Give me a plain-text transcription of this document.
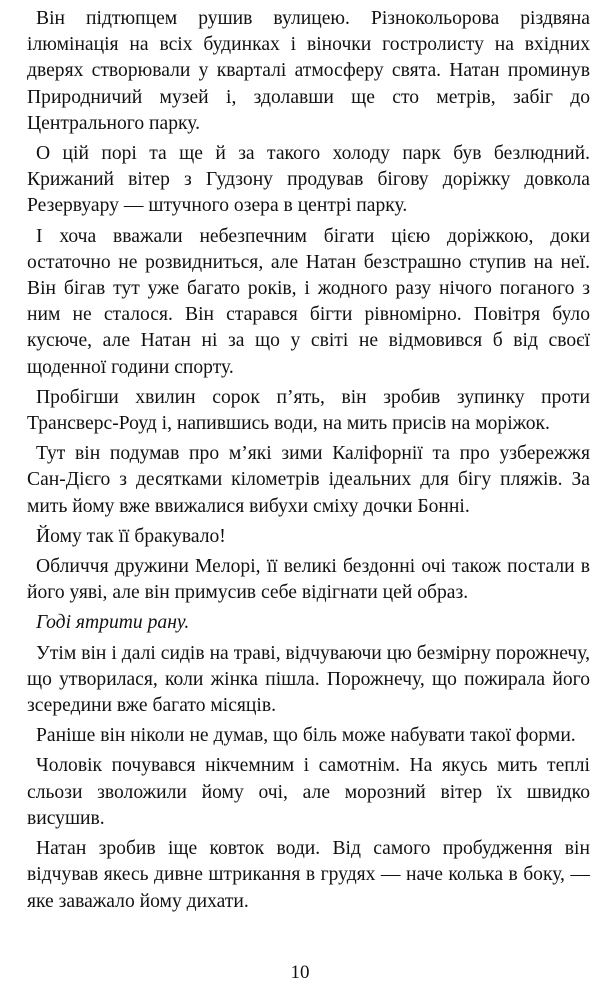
Він підтюпцем рушив вулицею. Різнокольорова різдвяна ілюмінація на всіх будинках і віночки гостролисту на вхідних дверях створювали у кварталі атмосферу свята. Натан проминув Природничий музей і, здолавши ще сто метрів, забіг до Центрального парку.

О цій порі та ще й за такого холоду парк був безлюдний. Крижаний вітер з Гудзону продував бігову доріжку довкола Резервуару — штучного озера в центрі парку.

І хоча вважали небезпечним бігати цією доріжкою, доки остаточно не розвидниться, але Натан безстрашно ступив на неї. Він бігав тут уже багато років, і жодного разу нічого поганого з ним не сталося. Він старався бігти рівномірно. Повітря було кусюче, але Натан ні за що у світі не відмовився б від своєї щоденної години спорту.

Пробігши хвилин сорок п’ять, він зробив зупинку проти Трансверс-Роуд і, напившись води, на мить присів на моріжок.

Тут він подумав про м’які зими Каліфорнії та про узбережжя Сан-Дієго з десятками кілометрів ідеальних для бігу пляжів. За мить йому вже ввижалися вибухи сміху дочки Бонні.

Йому так її бракувало!

Обличчя дружини Мелорі, її великі бездонні очі також постали в його уяві, але він примусив себе відігнати цей образ.

Годі ятрити рану.

Утім він і далі сидів на траві, відчуваючи цю безмірну порожнечу, що утворилася, коли жінка пішла. Порожнечу, що пожирала його зсередини вже багато місяців.

Раніше він ніколи не думав, що біль може набувати такої форми.

Чоловік почувався нікчемним і самотнім. На якусь мить теплі сльози зволожили йому очі, але морозний вітер їх швидко висушив.

Натан зробив іще ковток води. Від самого пробудження він відчував якесь дивне штрикання в грудях — наче колька в боку, — яке заважало йому дихати.

10
